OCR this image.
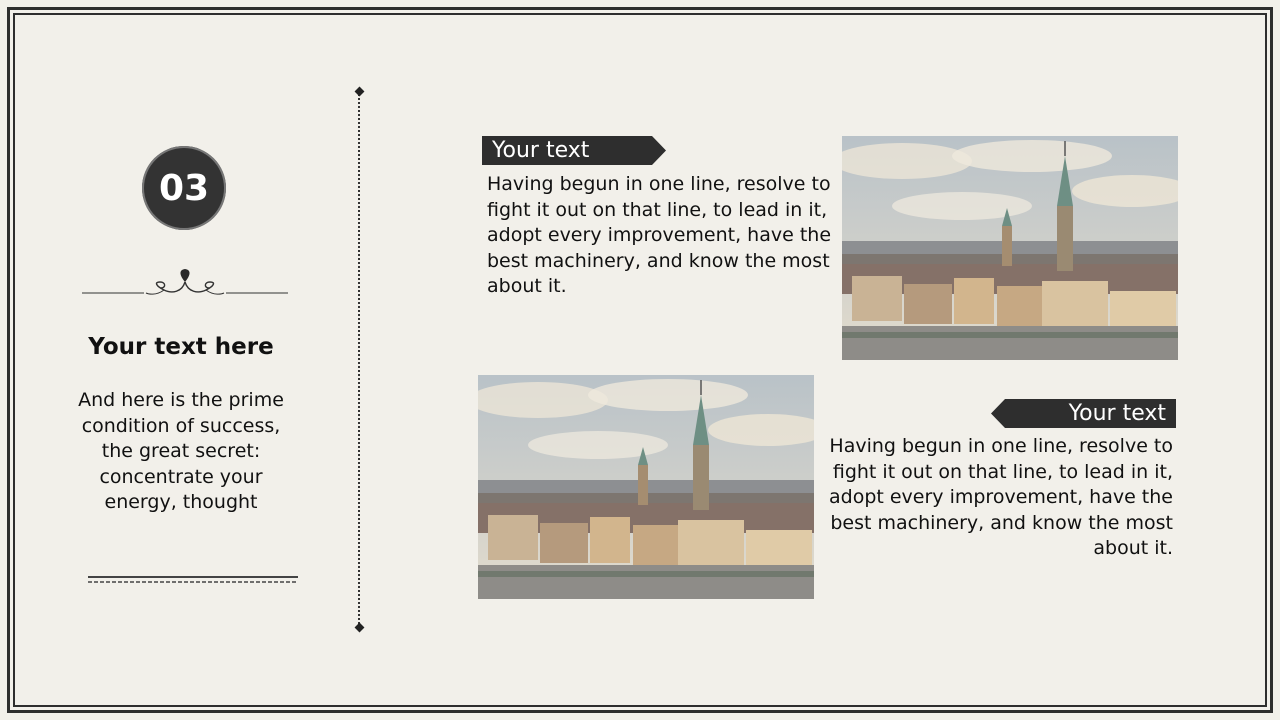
03
Your text here
And here is the prime condition of success, the great secret: concentrate your energy, thought
Your text
Having begun in one line, resolve to fight it out on that line, to lead in it, adopt every improvement, have the best machinery, and know the most about it.
Your text
Having begun in one line, resolve to fight it out on that line, to lead in it, adopt every improvement, have the best machinery, and know the most about it.
